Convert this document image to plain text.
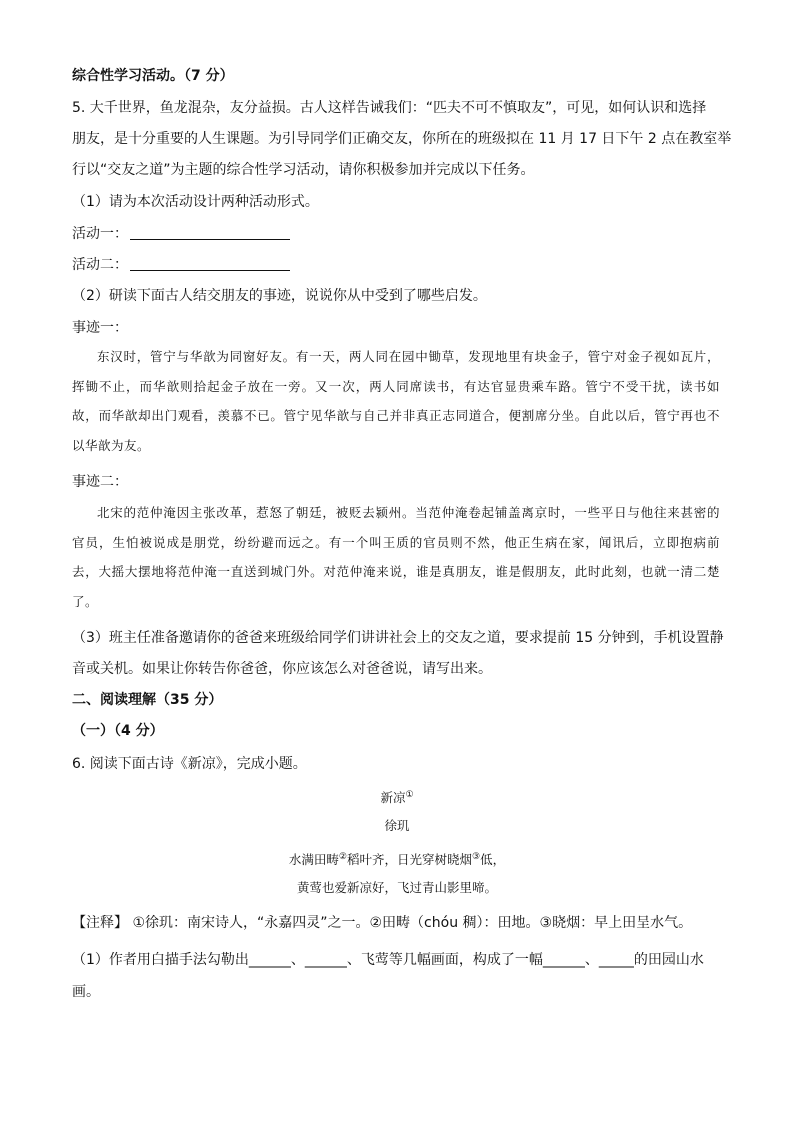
综合性学习活动。（7 分）
5. 大千世界，鱼龙混杂，友分益损。古人这样告诫我们：“匹夫不可不慎取友”，可见，如何认识和选择
朋友，是十分重要的人生课题。为引导同学们正确交友，你所在的班级拟在 11 月 17 日下午 2 点在教室举
行以“交友之道”为主题的综合性学习活动，请你积极参加并完成以下任务。
（1）请为本次活动设计两种活动形式。
活动一：
活动二：
（2）研读下面古人结交朋友的事迹，说说你从中受到了哪些启发。
事迹一：
东汉时，管宁与华歆为同窗好友。有一天，两人同在园中锄草，发现地里有块金子，管宁对金子视如瓦片，挥锄不止，而华歆则拾起金子放在一旁。又一次，两人同席读书，有达官显贵乘车路。管宁不受干扰，读书如故，而华歆却出门观看，羡慕不已。管宁见华歆与自己并非真正志同道合，便割席分坐。自此以后，管宁再也不以华歆为友。
事迹二：
北宋的范仲淹因主张改革，惹怒了朝廷，被贬去颍州。当范仲淹卷起铺盖离京时，一些平日与他往来甚密的官员，生怕被说成是朋党，纷纷避而远之。有一个叫王质的官员则不然，他正生病在家，闻讯后，立即抱病前去，大摇大摆地将范仲淹一直送到城门外。对范仲淹来说，谁是真朋友，谁是假朋友，此时此刻，也就一清二楚了。
（3）班主任准备邀请你的爸爸来班级给同学们讲讲社会上的交友之道，要求提前 15 分钟到，手机设置静
音或关机。如果让你转告你爸爸，你应该怎么对爸爸说，请写出来。
二、阅读理解（35 分）
（一）（4 分）
6. 阅读下面古诗《新凉》，完成小题。
新凉①
徐玑
水满田畴②稻叶齐，日光穿树晓烟③低，
黄莺也爱新凉好，飞过青山影里啼。
【注释】 ①徐玑：南宋诗人，“永嘉四灵”之一。②田畴（chóu 稠）：田地。③晓烟：早上田呈水气。
（1）作者用白描手法勾勒出______、______、飞莺等几幅画面，构成了一幅______、_____的田园山水
画。
